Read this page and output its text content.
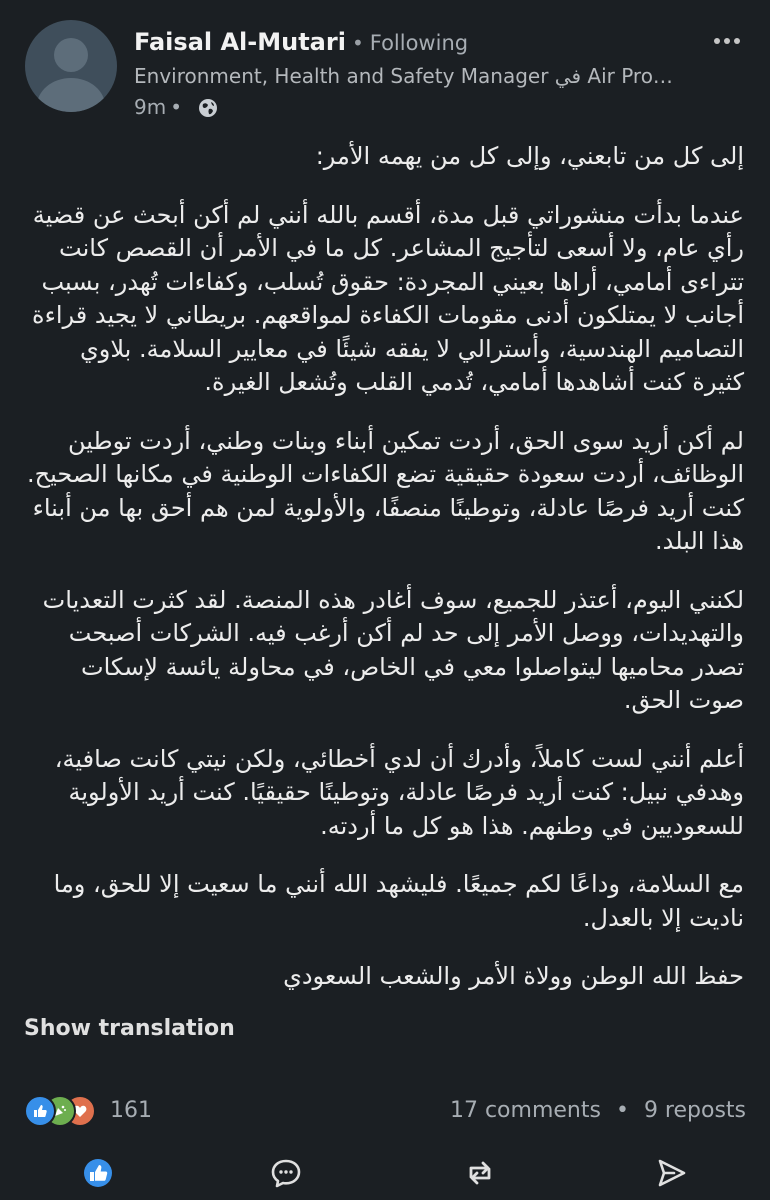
Faisal Al-Mutari • Following
Environment, Health and Safety Manager في Air Pro…
9m •

إلى كل من تابعني، وإلى كل من يهمه الأمر:

عندما بدأت منشوراتي قبل مدة، أقسم بالله أنني لم أكن أبحث عن قضية رأي عام، ولا أسعى لتأجيج المشاعر. كل ما في الأمر أن القصص كانت تتراءى أمامي، أراها بعيني المجردة: حقوق تُسلب، وكفاءات تُهدر، بسبب أجانب لا يمتلكون أدنى مقومات الكفاءة لمواقعهم. بريطاني لا يجيد قراءة التصاميم الهندسية، وأسترالي لا يفقه شيئًا في معايير السلامة. بلاوي كثيرة كنت أشاهدها أمامي، تُدمي القلب وتُشعل الغيرة.

لم أكن أريد سوى الحق، أردت تمكين أبناء وبنات وطني، أردت توطين الوظائف، أردت سعودة حقيقية تضع الكفاءات الوطنية في مكانها الصحيح. كنت أريد فرصًا عادلة، وتوطينًا منصفًا، والأولوية لمن هم أحق بها من أبناء هذا البلد.

لكنني اليوم، أعتذر للجميع، سوف أغادر هذه المنصة. لقد كثرت التعديات والتهديدات، ووصل الأمر إلى حد لم أكن أرغب فيه. الشركات أصبحت تصدر محاميها ليتواصلوا معي في الخاص، في محاولة يائسة لإسكات صوت الحق.

أعلم أنني لست كاملاً، وأدرك أن لدي أخطائي، ولكن نيتي كانت صافية، وهدفي نبيل: كنت أريد فرصًا عادلة، وتوطينًا حقيقيًا. كنت أريد الأولوية للسعوديين في وطنهم. هذا هو كل ما أردته.

مع السلامة، وداعًا لكم جميعًا. فليشهد الله أنني ما سعيت إلا للحق، وما ناديت إلا بالعدل.

حفظ الله الوطن وولاة الأمر والشعب السعودي

Show translation
161	17 comments • 9 reposts
